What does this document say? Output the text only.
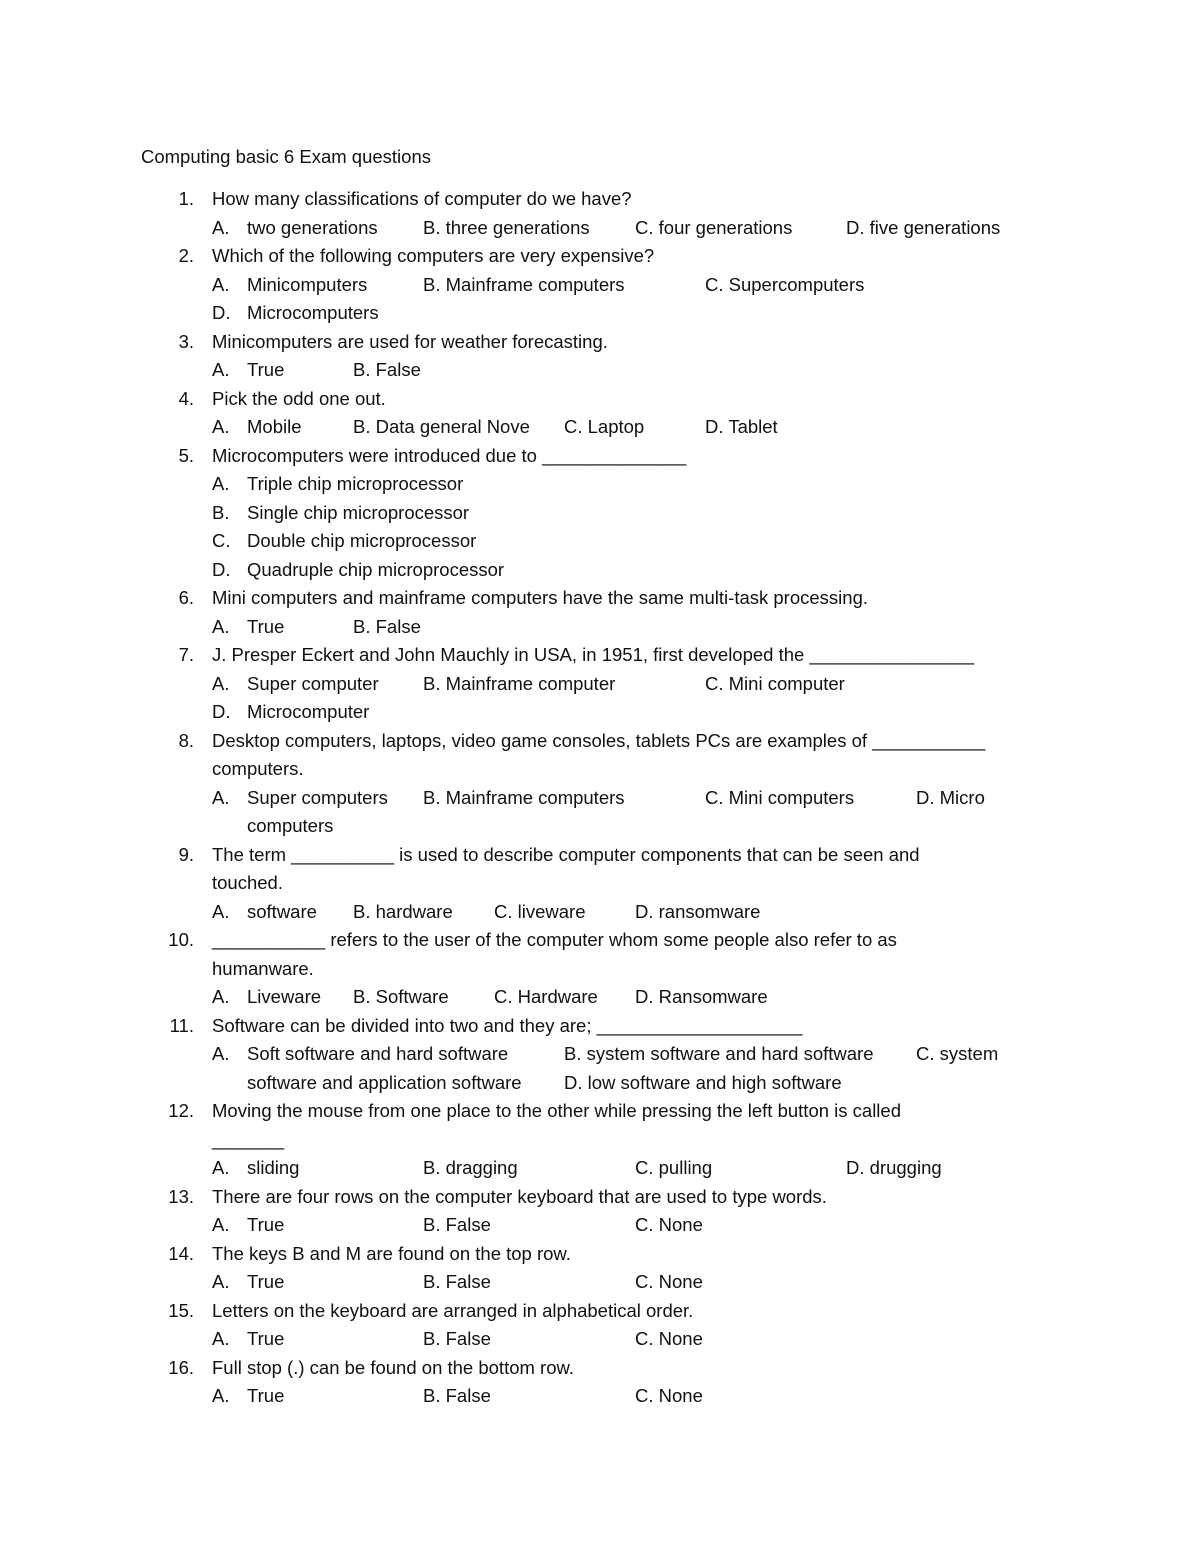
Computing basic 6 Exam questions
1. How many classifications of computer do we have?
A. two generations B. three generations C. four generations	D. five generations
2. Which of the following computers are very expensive?
A. Minicomputers	B. Mainframe computers	C. Supercomputers
D. Microcomputers
3. Minicomputers are used for weather forecasting.
A. True	B. False
4. Pick the odd one out.
A. Mobile	B. Data general Nove C. Laptop	D. Tablet
5. Microcomputers were introduced due to ______________
A. Triple chip microprocessor
B. Single chip microprocessor
C. Double chip microprocessor
D. Quadruple chip microprocessor
6. Mini computers and mainframe computers have the same multi-task processing.
A. True	B. False
7. J. Presper Eckert and John Mauchly in USA, in 1951, first developed the ________________
A. Super computer B. Mainframe computer	C. Mini computer
D. Microcomputer
8. Desktop computers, laptops, video game consoles, tablets PCs are examples of ___________
computers.
A. Super computers B. Mainframe computers	C. Mini computers	D. Micro
computers
9. The term __________ is used to describe computer components that can be seen and
touched.
A. software B. hardware C. liveware	D. ransomware
10. ___________ refers to the user of the computer whom some people also refer to as
humanware.
A. Liveware B. Software C. Hardware D. Ransomware
11. Software can be divided into two and they are; ____________________
A. Soft software and hard software	B. system software and hard software C. system
software and application software D. low software and high software
12. Moving the mouse from one place to the other while pressing the left button is called
_______
A. sliding	B. dragging	C. pulling	D. drugging
13. There are four rows on the computer keyboard that are used to type words.
A. True	B. False	C. None
14. The keys B and M are found on the top row.
A. True	B. False	C. None
15. Letters on the keyboard are arranged in alphabetical order.
A. True	B. False	C. None
16. Full stop (.) can be found on the bottom row.
A. True	B. False	C. None
